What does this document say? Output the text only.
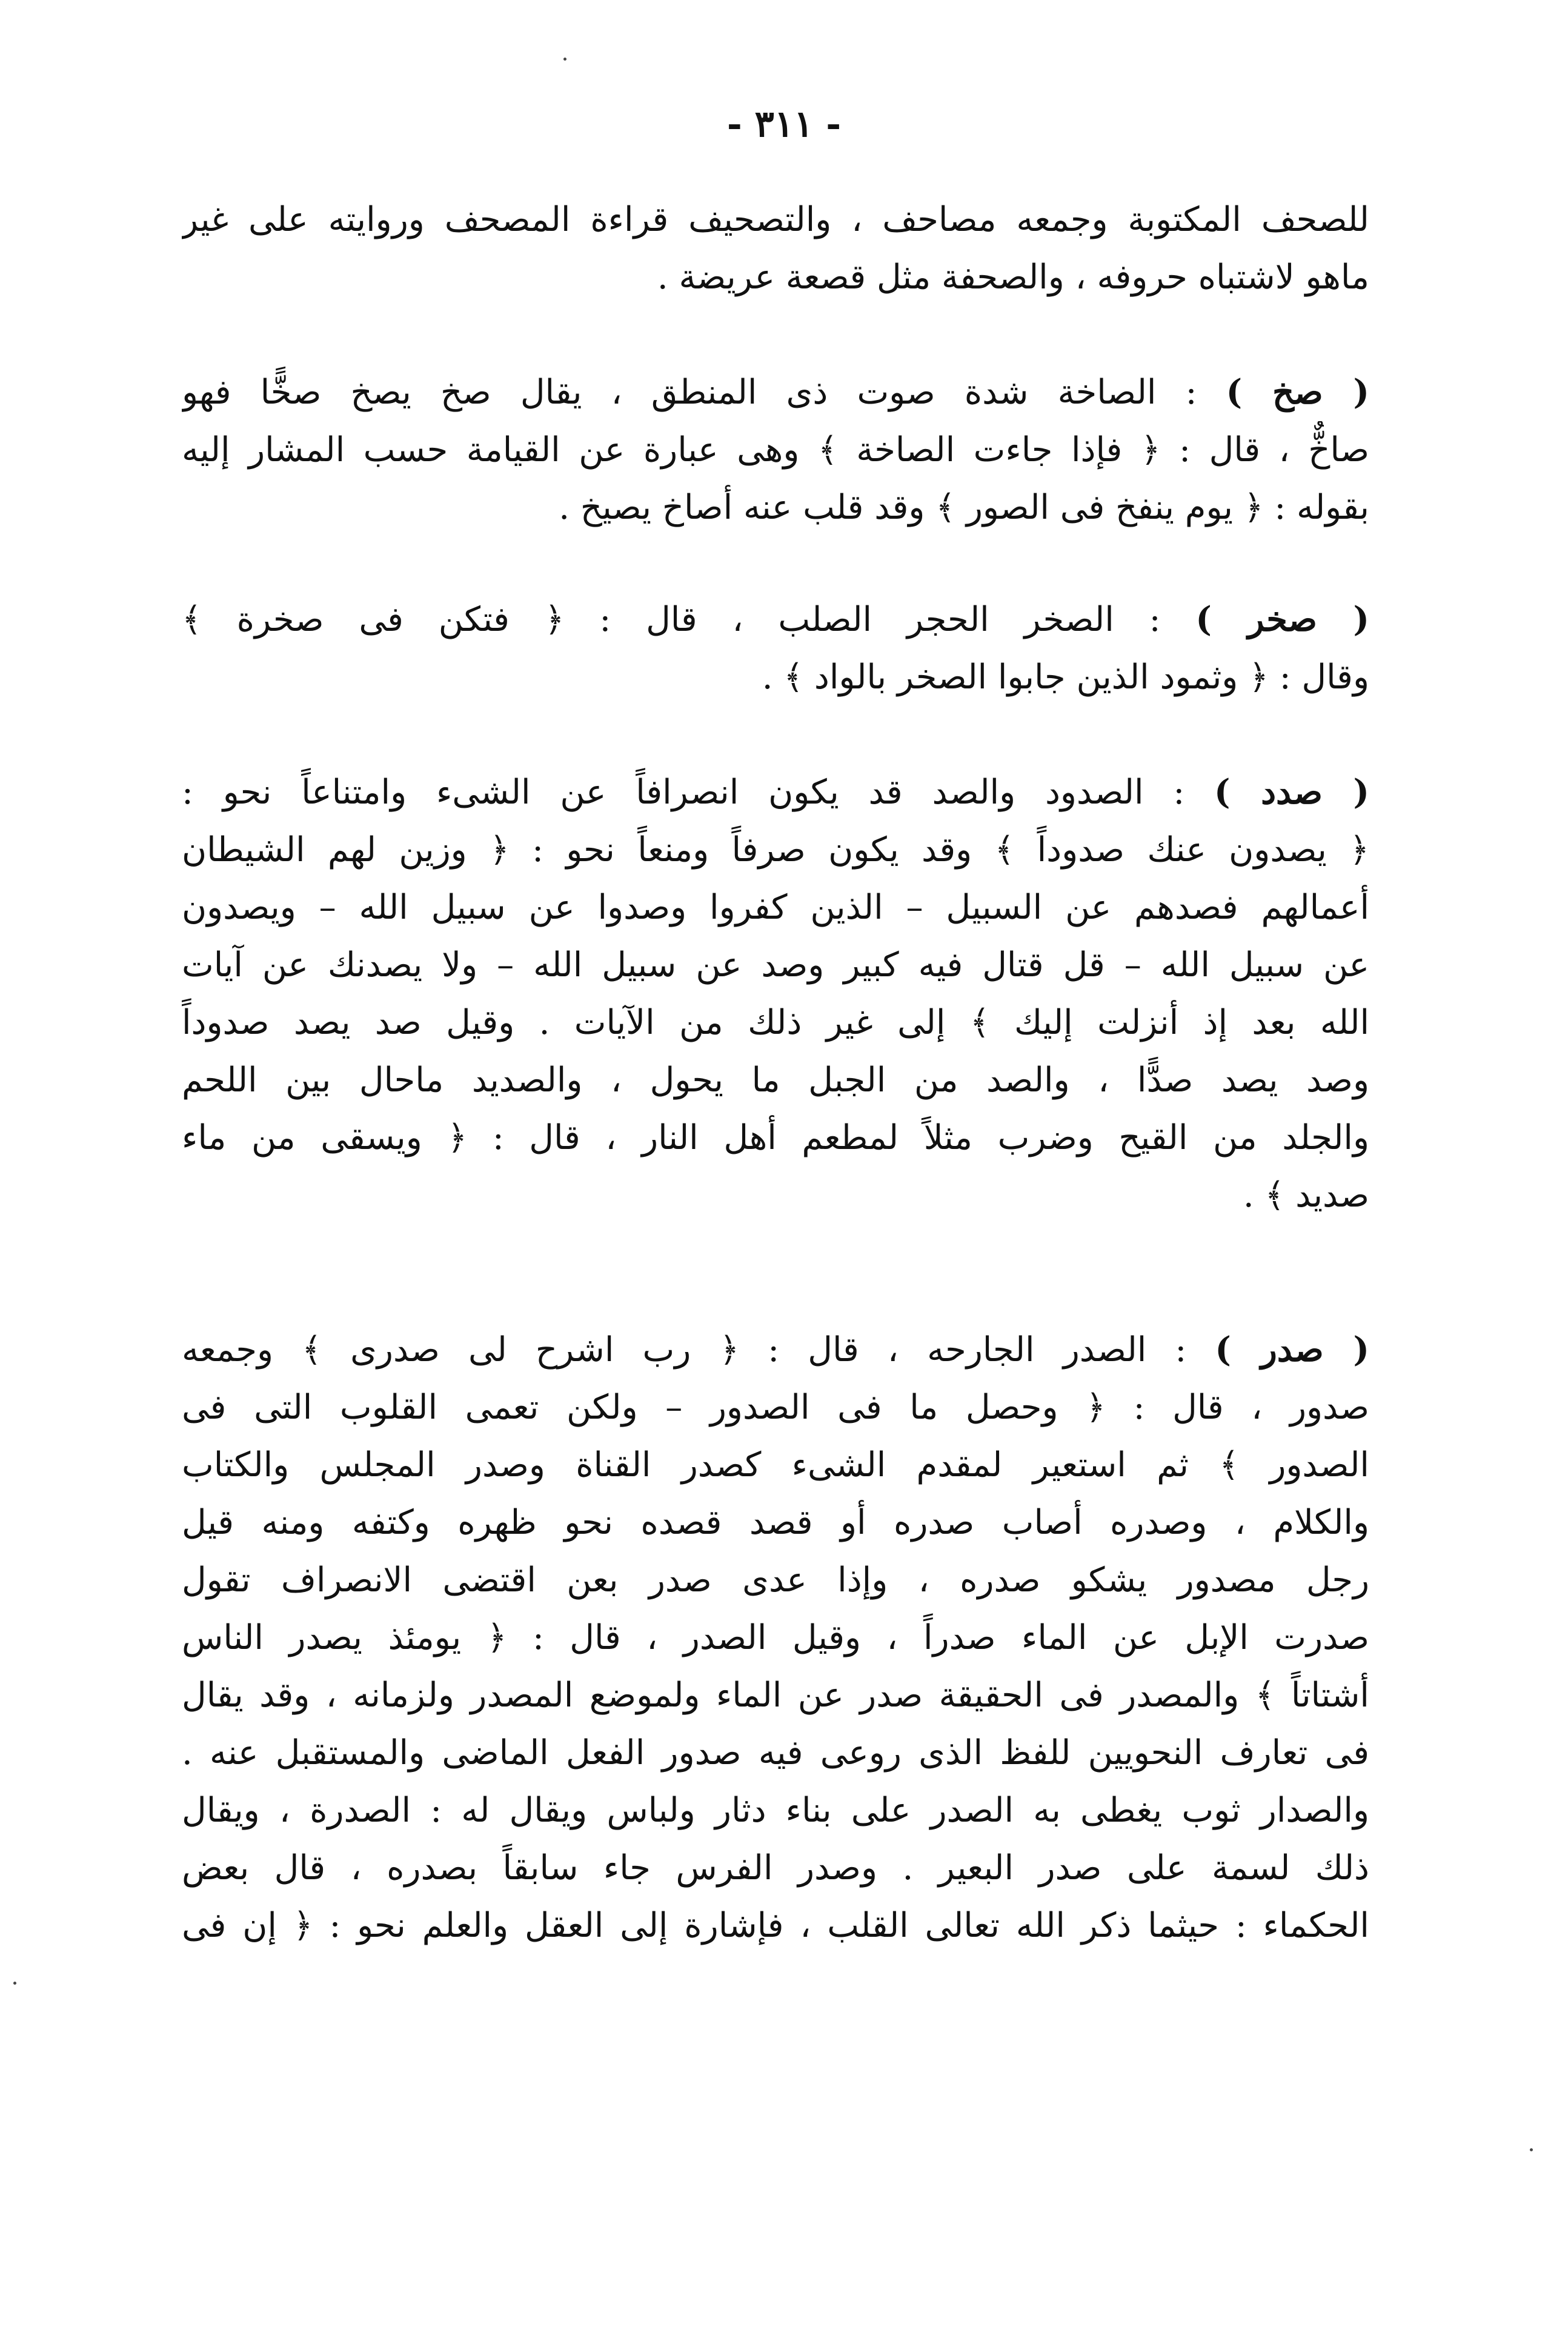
- ٣١١ -
للصحف المكتوبة وجمعه مصاحف ، والتصحيف قراءة المصحف وروايته على غير
ماهو لاشتباه حروفه ، والصحفة مثل قصعة عريضة .
( صخ ) : الصاخة شدة صوت ذى المنطق ، يقال صخ يصخ صخًّا فهو
صاخٌّ ، قال : ﴿ فإذا جاءت الصاخة ﴾ وهى عبارة عن القيامة حسب المشار إليه
بقوله : ﴿ يوم ينفخ فى الصور ﴾ وقد قلب عنه أصاخ يصيخ .
( صخر ) : الصخر الحجر الصلب ، قال : ﴿ فتكن فى صخرة ﴾
وقال : ﴿ وثمود الذين جابوا الصخر بالواد ﴾ .
( صدد ) : الصدود والصد قد يكون انصرافاً عن الشىء وامتناعاً نحو :
﴿ يصدون عنك صدوداً ﴾ وقد يكون صرفاً ومنعاً نحو : ﴿ وزين لهم الشيطان
أعمالهم فصدهم عن السبيل – الذين كفروا وصدوا عن سبيل الله – ويصدون
عن سبيل الله – قل قتال فيه كبير وصد عن سبيل الله – ولا يصدنك عن آيات
الله بعد إذ أنزلت إليك ﴾ إلى غير ذلك من الآيات . وقيل صد يصد صدوداً
وصد يصد صدًّا ، والصد من الجبل ما يحول ، والصديد ماحال بين اللحم
والجلد من القيح وضرب مثلاً لمطعم أهل النار ، قال : ﴿ ويسقى من ماء
صديد ﴾ .
( صدر ) : الصدر الجارحه ، قال : ﴿ رب اشرح لى صدرى ﴾ وجمعه
صدور ، قال : ﴿ وحصل ما فى الصدور – ولكن تعمى القلوب التى فى
الصدور ﴾ ثم استعير لمقدم الشىء كصدر القناة وصدر المجلس والكتاب
والكلام ، وصدره أصاب صدره أو قصد قصده نحو ظهره وكتفه ومنه قيل
رجل مصدور يشكو صدره ، وإذا عدى صدر بعن اقتضى الانصراف تقول
صدرت الإبل عن الماء صدراً ، وقيل الصدر ، قال : ﴿ يومئذ يصدر الناس
أشتاتاً ﴾ والمصدر فى الحقيقة صدر عن الماء ولموضع المصدر ولزمانه ، وقد يقال
فى تعارف النحويين للفظ الذى روعى فيه صدور الفعل الماضى والمستقبل عنه .
والصدار ثوب يغطى به الصدر على بناء دثار ولباس ويقال له : الصدرة ، ويقال
ذلك لسمة على صدر البعير . وصدر الفرس جاء سابقاً بصدره ، قال بعض
الحكماء : حيثما ذكر الله تعالى القلب ، فإشارة إلى العقل والعلم نحو : ﴿ إن فى
